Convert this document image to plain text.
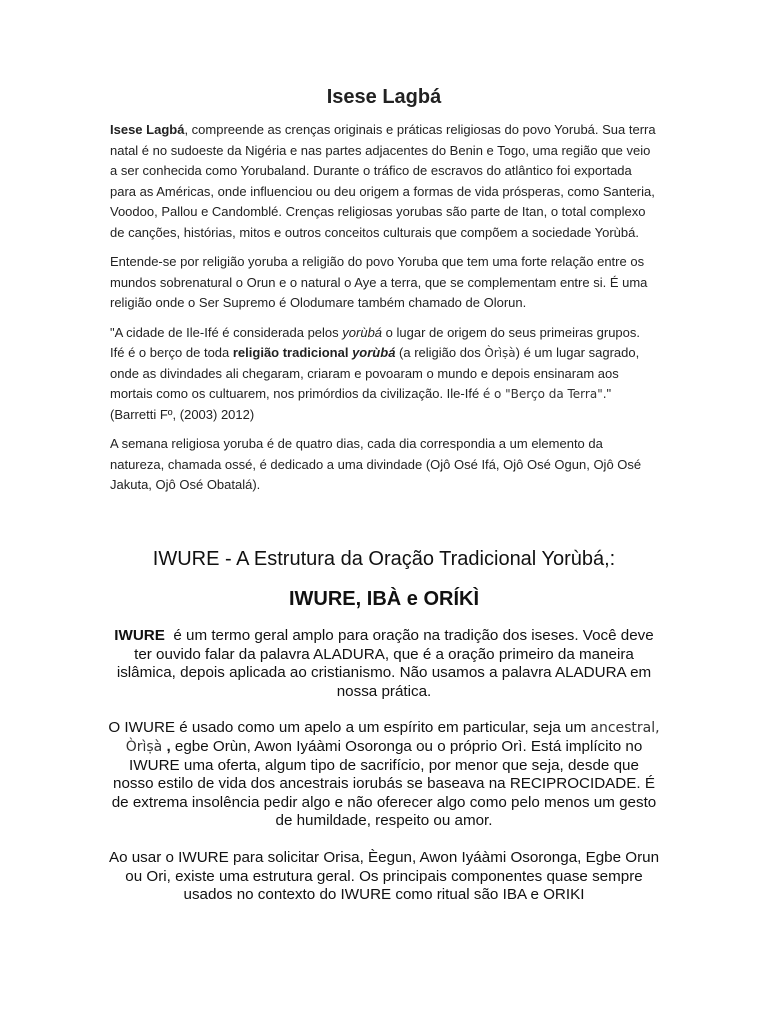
Isese Lagbá

Isese Lagbá, compreende as crenças originais e práticas religiosas do povo Yorubá. Sua terra natal é no sudoeste da Nigéria e nas partes adjacentes do Benin e Togo, uma região que veio a ser conhecida como Yorubaland. Durante o tráfico de escravos do atlântico foi exportada para as Américas, onde influenciou ou deu origem a formas de vida prósperas, como Santeria, Voodoo, Pallou e Candomblé. Crenças religiosas yorubas são parte de Itan, o total complexo de canções, histórias, mitos e outros conceitos culturais que compõem a sociedade Yorùbá.

Entende-se por religião yoruba a religião do povo Yoruba que tem uma forte relação entre os mundos sobrenatural o Orun e o natural o Aye a terra, que se complementam entre si. É uma religião onde o Ser Supremo é Olodumare também chamado de Olorun.

"A cidade de Ile-Ifé é considerada pelos yorùbá o lugar de origem do seus primeiras grupos. Ifé é o berço de toda religião tradicional yorùbá (a religião dos Òrìṣà) é um lugar sagrado, onde as divindades ali chegaram, criaram e povoaram o mundo e depois ensinaram aos mortais como os cultuarem, nos primórdios da civilização. Ile-Ifé é o "Berço da Terra"." (Barretti Fº, (2003) 2012)

A semana religiosa yoruba é de quatro dias, cada dia correspondia a um elemento da natureza, chamada ossé, é dedicado a uma divindade (Ojô Osé Ifá, Ojô Osé Ogun, Ojô Osé Jakuta, Ojô Osé Obatalá).

IWURE - A Estrutura da Oração Tradicional Yorùbá,:
IWURE, IBÀ e ORÍKÌ

IWURE  é um termo geral amplo para oração na tradição dos iseses. Você deve ter ouvido falar da palavra ALADURA, que é a oração primeiro da maneira islâmica, depois aplicada ao cristianismo. Não usamos a palavra ALADURA em nossa prática.

O IWURE é usado como um apelo a um espírito em particular, seja um ancestral, Òrìṣà , egbe Orùn, Awon Iyáàmi Osoronga ou o próprio Orì. Está implícito no IWURE uma oferta, algum tipo de sacrifício, por menor que seja, desde que nosso estilo de vida dos ancestrais iorubás se baseava na RECIPROCIDADE. É de extrema insolência pedir algo e não oferecer algo como pelo menos um gesto de humildade, respeito ou amor.

Ao usar o IWURE para solicitar Orisa, Èegun, Awon Iyáàmi Osoronga, Egbe Orun ou Ori, existe uma estrutura geral. Os principais componentes quase sempre usados no contexto do IWURE como ritual são IBA e ORIKI
